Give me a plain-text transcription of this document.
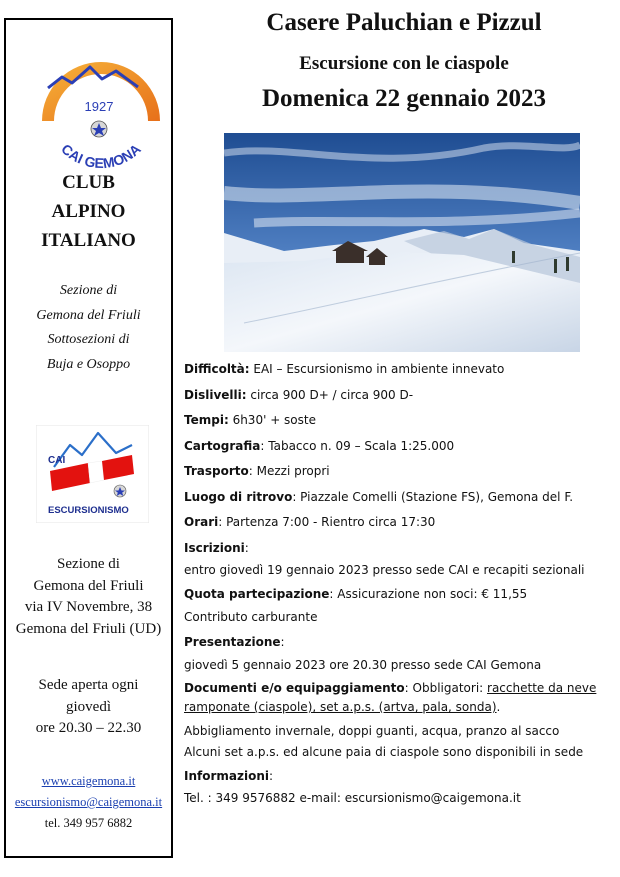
1927
CAI GEMONA
CLUB
ALPINO
ITALIANO
Sezione di
Gemona del Friuli
Sottosezioni di
Buja e Osoppo
CAI
ESCURSIONISMO
Sezione di
Gemona del Friuli
via IV Novembre, 38
Gemona del Friuli (UD)
Sede aperta ogni
giovedì
ore 20.30 – 22.30
www.caigemona.it
escursionismo@caigemona.it
tel. 349 957 6882
Casere Paluchian e Pizzul
Escursione con le ciaspole
Domenica 22 gennaio 2023

Difficoltà: EAI – Escursionismo in ambiente innevato

Dislivelli: circa 900 D+ / circa 900 D-

Tempi: 6h30' + soste

Cartografia: Tabacco n. 09 – Scala 1:25.000

Trasporto: Mezzi propri

Luogo di ritrovo: Piazzale Comelli (Stazione FS), Gemona del F.

Orari: Partenza 7:00 - Rientro circa 17:30

Iscrizioni:

entro giovedì 19 gennaio 2023 presso sede CAI e recapiti sezionali

Quota partecipazione: Assicurazione non soci: € 11,55

Contributo carburante

Presentazione:

giovedì 5 gennaio 2023 ore 20.30 presso sede CAI Gemona

Documenti e/o equipaggiamento: Obbligatori: racchette da neve ramponate (ciaspole), set a.p.s. (artva, pala, sonda).

Abbigliamento invernale, doppi guanti, acqua, pranzo al sacco

Alcuni set a.p.s. ed alcune paia di ciaspole sono disponibili in sede

Informazioni:

Tel. : 349 9576882 e-mail: escursionismo@caigemona.it
